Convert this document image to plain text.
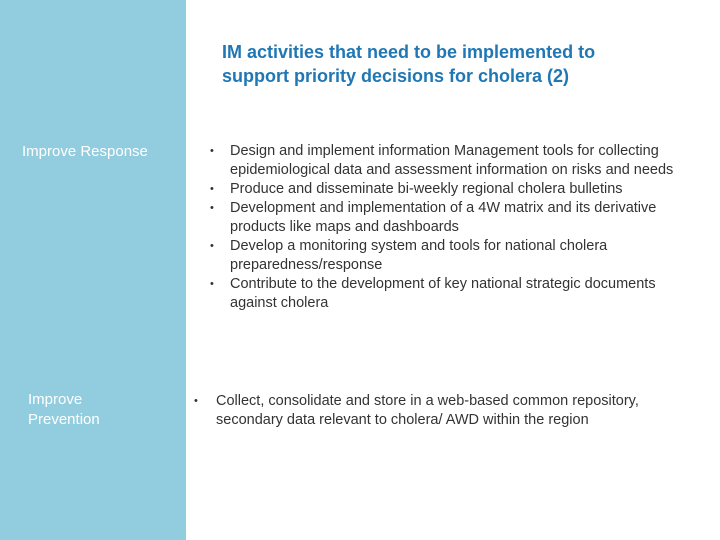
IM activities that need to be implemented to support priority decisions for cholera (2)
Improve Response	• Design and implement information Management tools for collecting epidemiological data and assessment information on risks and needs
• Produce and disseminate bi-weekly regional cholera bulletins
• Development and implementation of a 4W matrix and its derivative products like maps and dashboards
• Develop a monitoring system and tools for national cholera preparedness/response
• Contribute to the development of key national strategic documents against cholera
Improve Prevention
• Collect, consolidate and store in a web-based common repository, secondary data relevant to cholera/ AWD within the region
